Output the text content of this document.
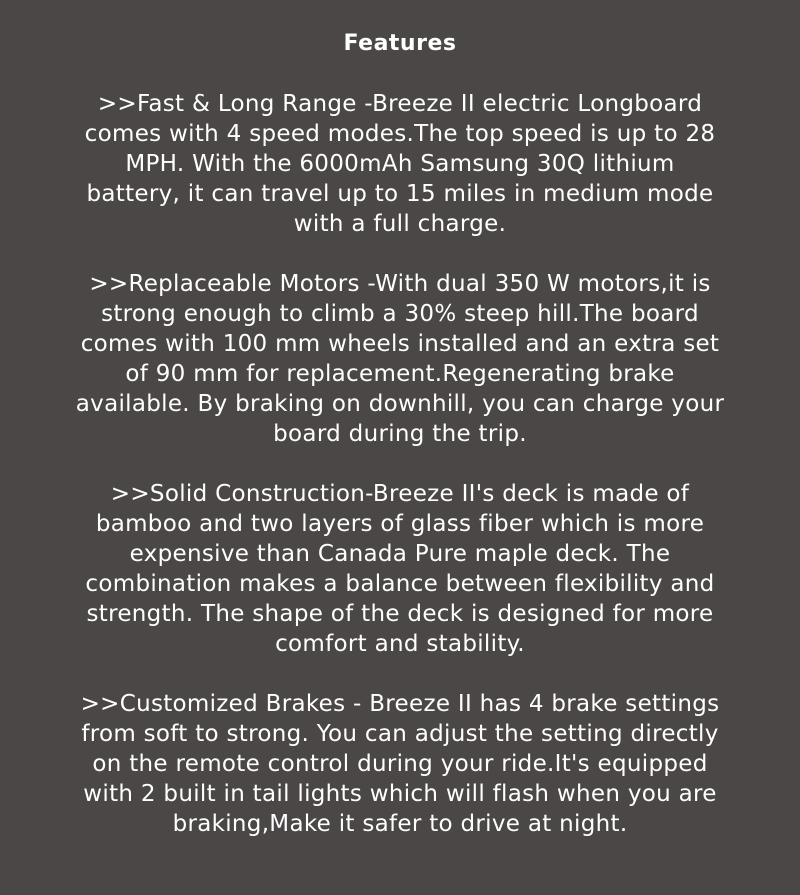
Features
>>Fast & Long Range -Breeze II electric Longboard
comes with 4 speed modes.The top speed is up to 28
MPH. With the 6000mAh Samsung 30Q lithium
battery, it can travel up to 15 miles in medium mode
with a full charge.
>>Replaceable Motors -With dual 350 W motors,it is
strong enough to climb a 30% steep hill.The board
comes with 100 mm wheels installed and an extra set
of 90 mm for replacement.Regenerating brake
available. By braking on downhill, you can charge your
board during the trip.
>>Solid Construction-Breeze II's deck is made of
bamboo and two layers of glass fiber which is more
expensive than Canada Pure maple deck. The
combination makes a balance between flexibility and
strength. The shape of the deck is designed for more
comfort and stability.
>>Customized Brakes - Breeze II has 4 brake settings
from soft to strong. You can adjust the setting directly
on the remote control during your ride.It's equipped
with 2 built in tail lights which will flash when you are
braking,Make it safer to drive at night.
